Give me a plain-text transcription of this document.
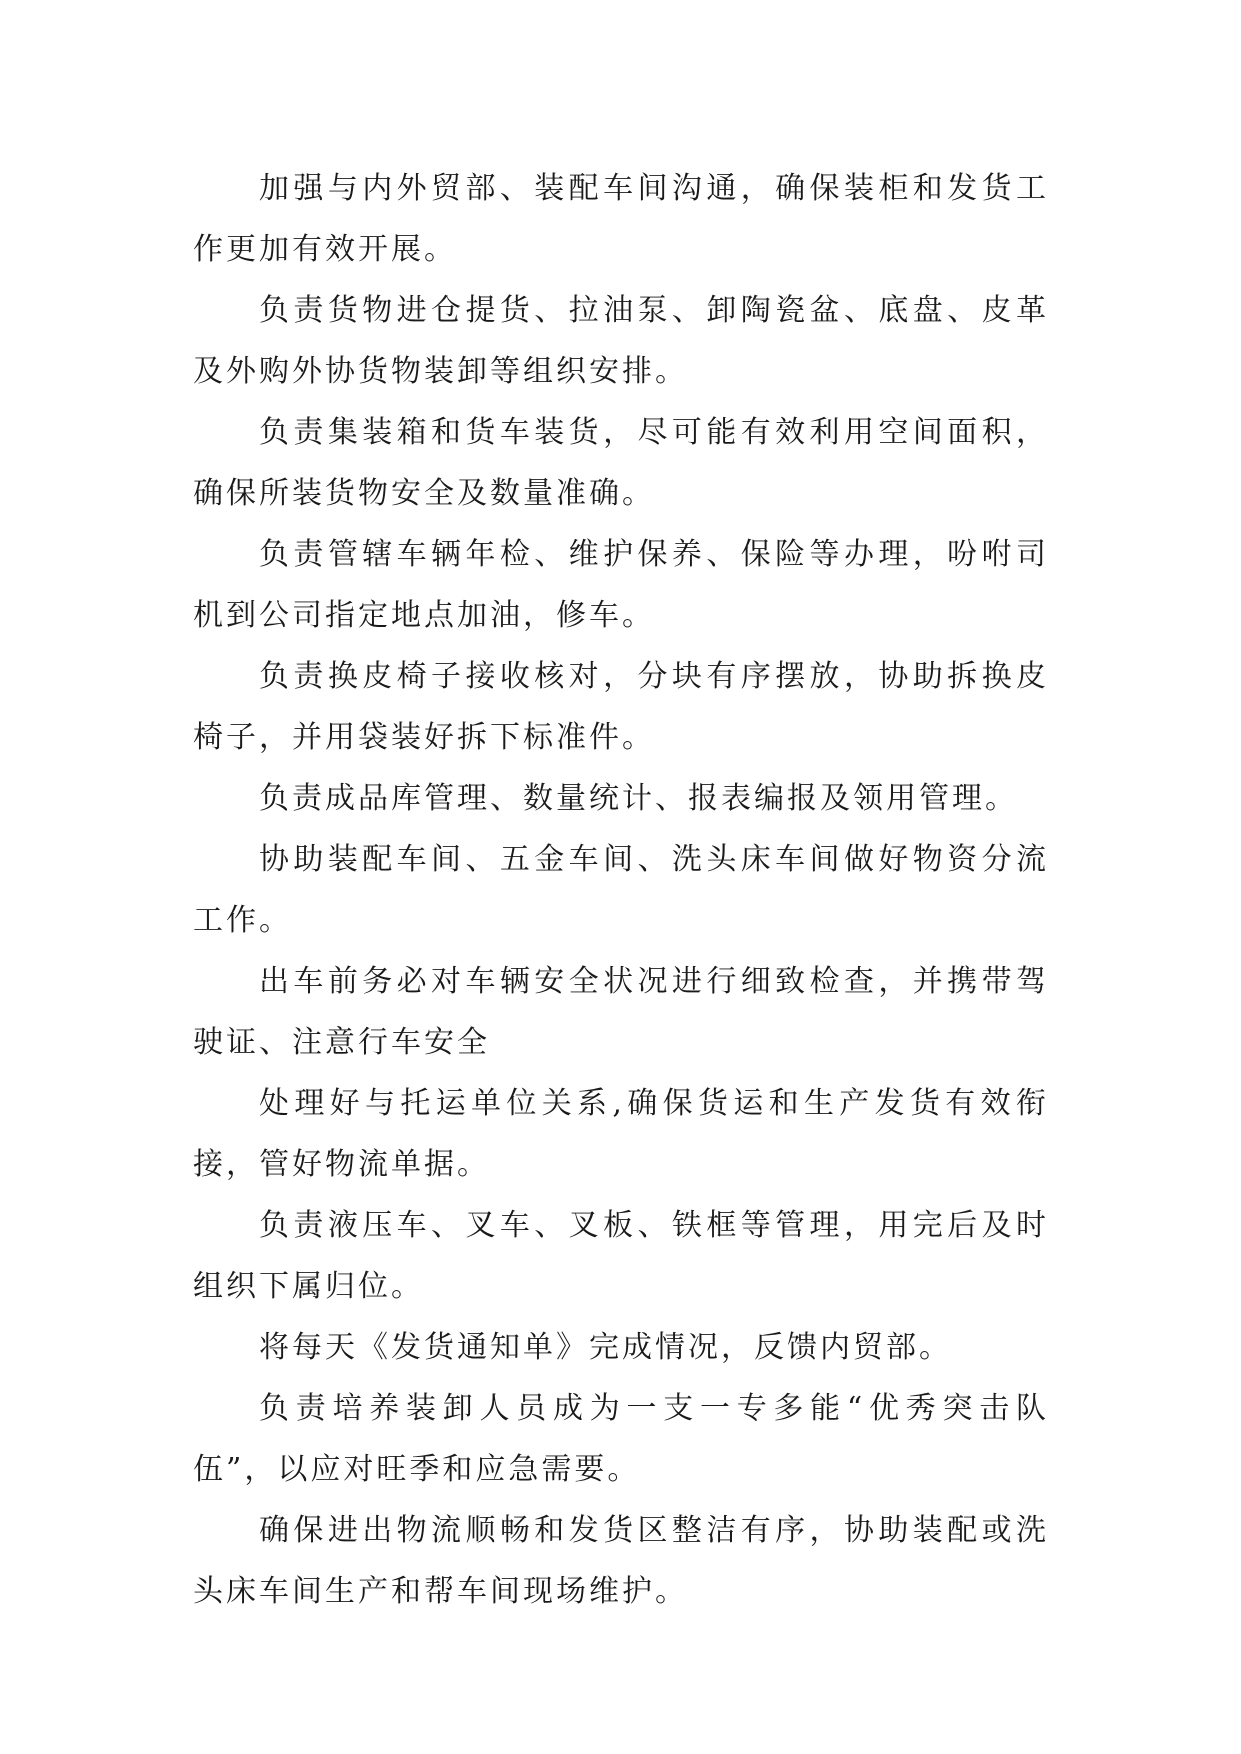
加强与内外贸部、装配车间沟通，确保装柜和发货工作更加有效开展。

负责货物进仓提货、拉油泵、卸陶瓷盆、底盘、皮革及外购外协货物装卸等组织安排。

负责集装箱和货车装货，尽可能有效利用空间面积，确保所装货物安全及数量准确。

负责管辖车辆年检、维护保养、保险等办理，吩咐司机到公司指定地点加油，修车。

负责换皮椅子接收核对，分块有序摆放，协助拆换皮椅子，并用袋装好拆下标准件。

负责成品库管理、数量统计、报表编报及领用管理。

协助装配车间、五金车间、洗头床车间做好物资分流工作。

出车前务必对车辆安全状况进行细致检查，并携带驾驶证、注意行车安全

处理好与托运单位关系,确保货运和生产发货有效衔接，管好物流单据。

负责液压车、叉车、叉板、铁框等管理，用完后及时组织下属归位。

将每天《发货通知单》完成情况，反馈内贸部。

负责培养装卸人员成为一支一专多能“优秀突击队伍”，以应对旺季和应急需要。

确保进出物流顺畅和发货区整洁有序，协助装配或洗头床车间生产和帮车间现场维护。
